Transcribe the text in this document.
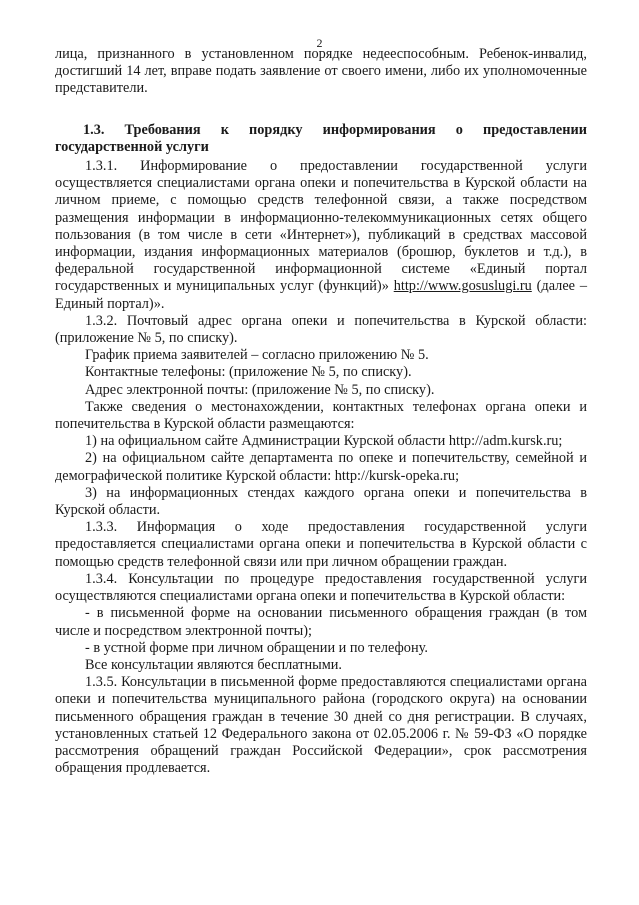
2

лица, признанного в установленном порядке недееспособным. Ребенок-инвалид, достигший 14 лет, вправе подать заявление от своего имени, либо их уполномоченные представители.

1.3. Требования к порядку информирования о предоставлении государственной услуги

1.3.1. Информирование о предоставлении государственной услуги осуществляется специалистами органа опеки и попечительства в Курской области на личном приеме, с помощью средств телефонной связи, а также посредством размещения информации в информационно-телекоммуникационных сетях общего пользования (в том числе в сети «Интернет»), публикаций в средствах массовой информации, издания информационных материалов (брошюр, буклетов и т.д.), в федеральной государственной информационной системе «Единый портал государственных и муниципальных услуг (функций)» http://www.gosuslugi.ru (далее – Единый портал)».

1.3.2. Почтовый адрес органа опеки и попечительства в Курской области: (приложение № 5, по списку).

График приема заявителей – согласно приложению № 5.

Контактные телефоны: (приложение № 5, по списку).

Адрес электронной почты: (приложение № 5, по списку).

Также сведения о местонахождении, контактных телефонах органа опеки и попечительства в Курской области размещаются:

1) на официальном сайте Администрации Курской области http://adm.kursk.ru;

2) на официальном сайте департамента по опеке и попечительству, семейной и демографической политике Курской области: http://kursk-opeka.ru;

3) на информационных стендах каждого органа опеки и попечительства в Курской области.

1.3.3. Информация о ходе предоставления государственной услуги предоставляется специалистами органа опеки и попечительства в Курской области с помощью средств телефонной связи или при личном обращении граждан.

1.3.4. Консультации по процедуре предоставления государственной услуги осуществляются специалистами органа опеки и попечительства в Курской области:

- в письменной форме на основании письменного обращения граждан (в том числе и посредством электронной почты);

- в устной форме при личном обращении и по телефону.

Все консультации являются бесплатными.

1.3.5. Консультации в письменной форме предоставляются специалистами органа опеки и попечительства муниципального района (городского округа) на основании письменного обращения граждан в течение 30 дней со дня регистрации. В случаях, установленных статьей 12 Федерального закона от 02.05.2006 г. № 59-ФЗ «О порядке рассмотрения обращений граждан Российской Федерации», срок рассмотрения обращения продлевается.
